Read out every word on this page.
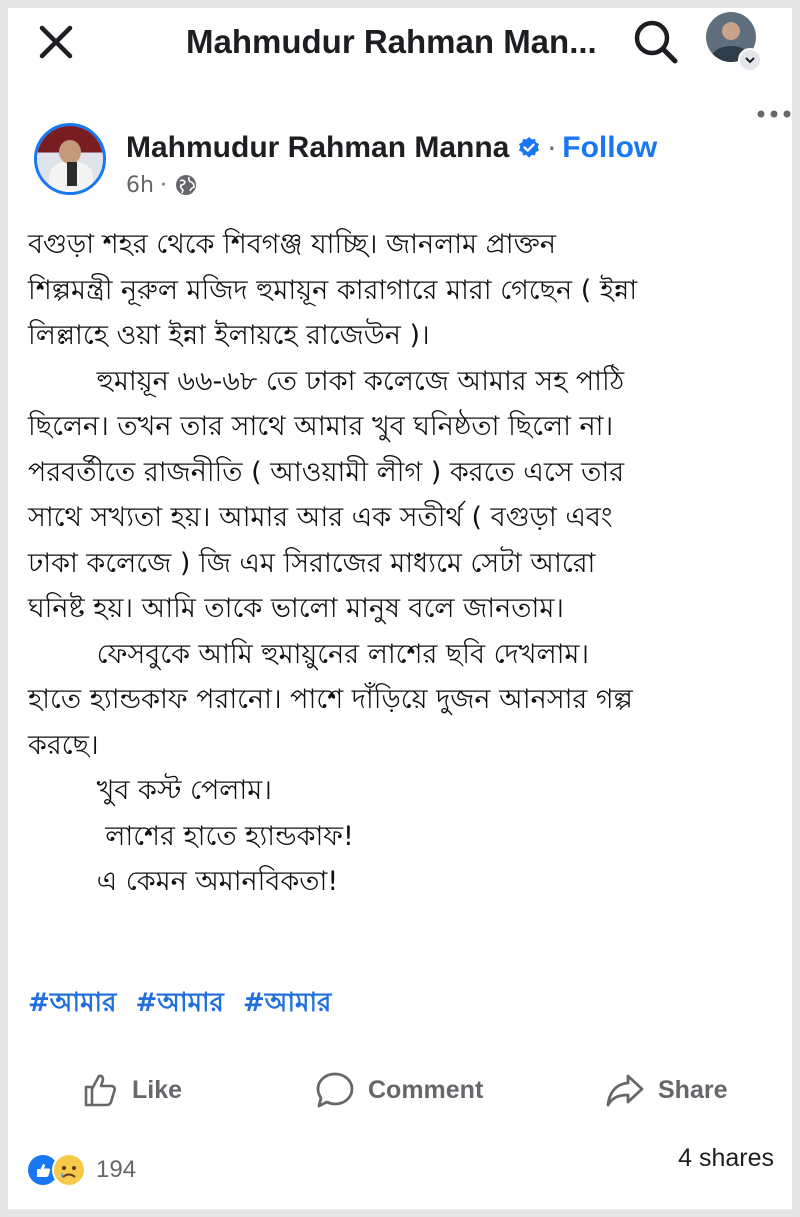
Mahmudur Rahman Man...
Mahmudur Rahman Manna · Follow
6h ·

বগুড়া শহর থেকে শিবগঞ্জ যাচ্ছি। জানলাম প্রাক্তন

শিল্পমন্ত্রী নূরুল মজিদ হুমায়ূন কারাগারে মারা গেছেন ( ইন্না

লিল্লাহে ওয়া ইন্না ইলায়হে রাজেউন )।

হুমায়ূন ৬৬-৬৮ তে ঢাকা কলেজে আমার সহ পাঠি

ছিলেন। তখন তার সাথে আমার খুব ঘনিষ্ঠতা ছিলো না।

পরবর্তীতে রাজনীতি ( আওয়ামী লীগ ) করতে এসে তার

সাথে সখ্যতা হয়। আমার আর এক সতীর্থ ( বগুড়া এবং

ঢাকা কলেজে ) জি এম সিরাজের মাধ্যমে সেটা আরো

ঘনিষ্ট হয়। আমি তাকে ভালো মানুষ বলে জানতাম।

ফেসবুকে আমি হুমায়ুনের লাশের ছবি দেখলাম।

হাতে হ্যান্ডকাফ পরানো। পাশে দাঁড়িয়ে দুজন আনসার গল্প

করছে।

খুব কস্ট পেলাম।

লাশের হাতে হ্যান্ডকাফ!

এ কেমন অমানবিকতা!

#আমার #আমার #আমার
Like	Comment	Share
194	4 shares
